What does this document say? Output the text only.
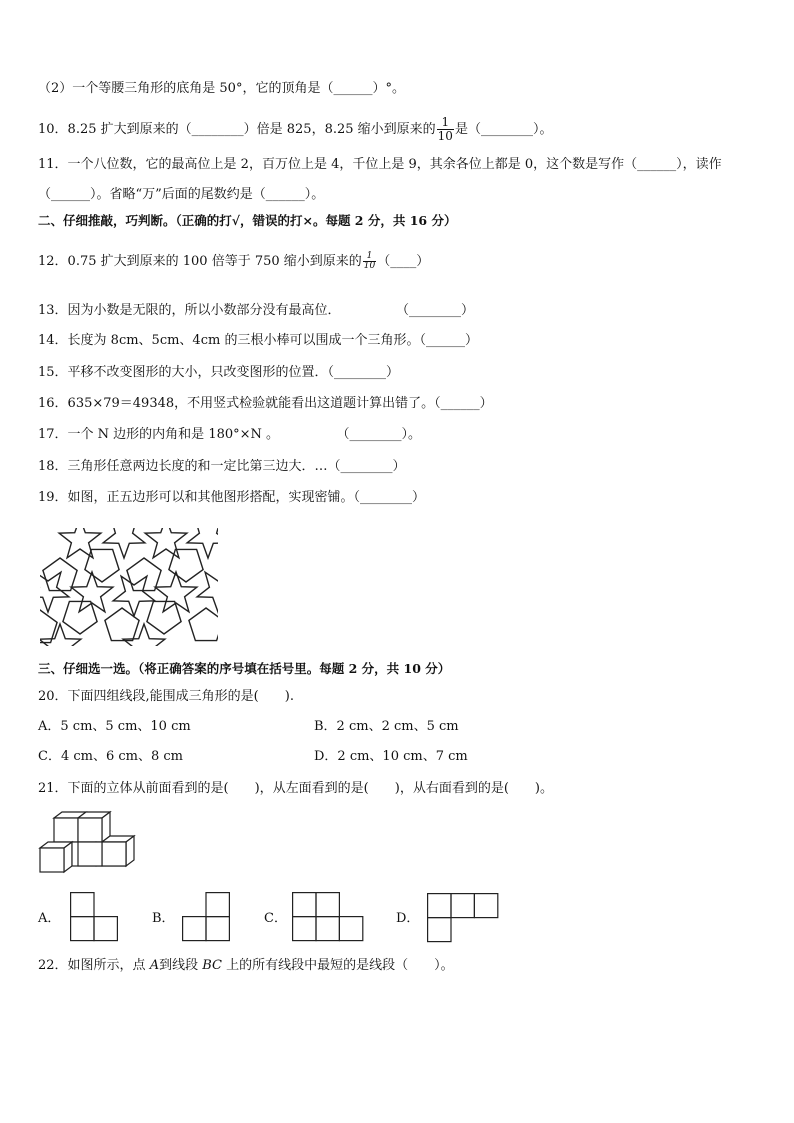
（2）一个等腰三角形的底角是 50°，它的顶角是（______）°。
10．8.25 扩大到原来的（________）倍是 825，8.25 缩小到原来的 $\frac{1}{10}$ 是（________）。
11．一个八位数，它的最高位上是 2，百万位上是 4，千位上是 9，其余各位上都是 0，这个数是写作（______），读作
（______）。省略“万”后面的尾数约是（______）。
二、仔细推敲，巧判断。（正确的打√，错误的打×。每题 2 分，共 16 分）
12．0.75 扩大到原来的 100 倍等于 750 缩小到原来的 $\frac{1}{10}$ （____）
13．因为小数是无限的，所以小数部分没有最高位．	（________）
14．长度为 8cm、5cm、4cm 的三根小棒可以围成一个三角形。（______）
15．平移不改变图形的大小，只改变图形的位置．（________）
16．635×79＝49348，不用竖式检验就能看出这道题计算出错了。（______）
17．一个 N 边形的内角和是 180°×N 。	（________）。
18．三角形任意两边长度的和一定比第三边大．…（________）
19．如图，正五边形可以和其他图形搭配，实现密铺。（________）
三、仔细选一选。（将正确答案的序号填在括号里。每题 2 分，共 10 分）
20．下面四组线段,能围成三角形的是(　　).
A．5 cm、5 cm、10 cm	B．2 cm、2 cm、5 cm
C．4 cm、6 cm、8 cm	D．2 cm、10 cm、7 cm
21．下面的立体从前面看到的是(　　)，从左面看到的是(　　)，从右面看到的是(　　)。
A．	B．	C．	D．
22．如图所示，点 A到线段 BC 上的所有线段中最短的是线段（　　）。
